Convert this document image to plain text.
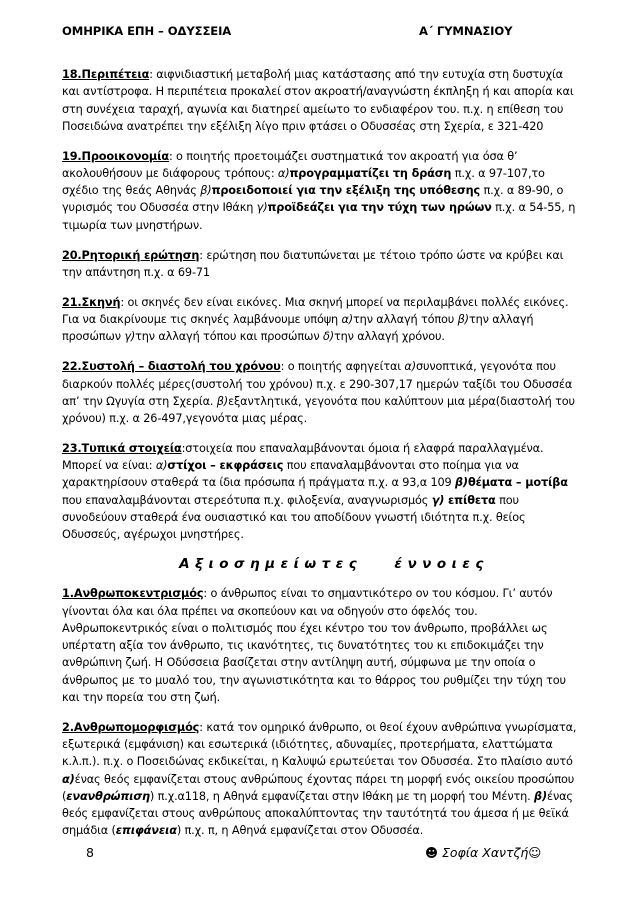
ΟΜΗΡΙΚΑ ΕΠΗ – ΟΔΥΣΣΕΙΑ	Α΄ ΓΥΜΝΑΣΙΟΥ

18.Περιπέτεια: αιφνιδιαστική μεταβολή μιας κατάστασης από την ευτυχία στη δυστυχία και αντίστροφα. Η περιπέτεια προκαλεί στον ακροατή/αναγνώστη έκπληξη ή και απορία και στη συνέχεια ταραχή, αγωνία και διατηρεί αμείωτο το ενδιαφέρον του. π.χ. η επίθεση του Ποσειδώνα ανατρέπει την εξέλιξη λίγο πριν φτάσει ο Οδυσσέας στη Σχερία, ε 321-420

19.Προοικονομία: ο ποιητής προετοιμάζει συστηματικά τον ακροατή για όσα θ’ ακολουθήσουν με διάφορους τρόπους: α)προγραμματίζει τη δράση π.χ. α 97-107,το σχέδιο της θεάς Αθηνάς β)προειδοποιεί για την εξέλιξη της υπόθεσης π.χ. α 89-90, ο γυρισμός του Οδυσσέα στην Ιθάκη γ)προϊδεάζει για την τύχη των ηρώων π.χ. α 54-55, η τιμωρία των μνηστήρων.

20.Ρητορική ερώτηση: ερώτηση που διατυπώνεται με τέτοιο τρόπο ώστε να κρύβει και την απάντηση π.χ. α 69-71

21.Σκηνή: οι σκηνές δεν είναι εικόνες. Μια σκηνή μπορεί να περιλαμβάνει πολλές εικόνες. Για να διακρίνουμε τις σκηνές λαμβάνουμε υπόψη α)την αλλαγή τόπου β)την αλλαγή προσώπων γ)την αλλαγή τόπου και προσώπων δ)την αλλαγή χρόνου.

22.Συστολή – διαστολή του χρόνου: ο ποιητής αφηγείται α)συνοπτικά, γεγονότα που διαρκούν πολλές μέρες(συστολή του χρόνου) π.χ. ε 290-307,17 ημερών ταξίδι του Οδυσσέα απ’ την Ωγυγία στη Σχερία. β)εξαντλητικά, γεγονότα που καλύπτουν μια μέρα(διαστολή του χρόνου) π.χ. α 26-497,γεγονότα μιας μέρας.

23.Τυπικά στοιχεία:στοιχεία που επαναλαμβάνονται όμοια ή ελαφρά παραλλαγμένα. Μπορεί να είναι: α)στίχοι – εκφράσεις που επαναλαμβάνονται στο ποίημα για να χαρακτηρίσουν σταθερά τα ίδια πρόσωπα ή πράγματα π.χ. α 93,α 109 β)θέματα – μοτίβα που επαναλαμβάνονται στερεότυπα π.χ. φιλοξενία, αναγνωρισμός γ) επίθετα που συνοδεύουν σταθερά ένα ουσιαστικό και του αποδίδουν γνωστή ιδιότητα π.χ. θείος Οδυσσεύς, αγέρωχοι μνηστήρες.

Αξιοσημείωτες έννοιες

1.Ανθρωποκεντρισμός: ο άνθρωπος είναι το σημαντικότερο ον του κόσμου. Γι’ αυτόν γίνονται όλα και όλα πρέπει να σκοπεύουν και να οδηγούν στο όφελός του. Ανθρωποκεντρικός είναι ο πολιτισμός που έχει κέντρο του τον άνθρωπο, προβάλλει ως υπέρτατη αξία τον άνθρωπο, τις ικανότητες, τις δυνατότητες του κι επιδοκιμάζει την ανθρώπινη ζωή. Η Οδύσσεια βασίζεται στην αντίληψη αυτή, σύμφωνα με την οποία ο άνθρωπος με το μυαλό του, την αγωνιστικότητα και το θάρρος του ρυθμίζει την τύχη του και την πορεία του στη ζωή.

2.Ανθρωπομορφισμός: κατά τον ομηρικό άνθρωπο, οι θεοί έχουν ανθρώπινα γνωρίσματα, εξωτερικά (εμφάνιση) και εσωτερικά (ιδιότητες, αδυναμίες, προτερήματα, ελαττώματα κ.λ.π.). π.χ. ο Ποσειδώνας εκδικείται, η Καλυψώ ερωτεύεται τον Οδυσσέα. Στο πλαίσιο αυτό α)ένας θεός εμφανίζεται στους ανθρώπους έχοντας πάρει τη μορφή ενός οικείου προσώπου (ενανθρώπιση) π.χ.α118, η Αθηνά εμφανίζεται στην Ιθάκη με τη μορφή του Μέντη. β)ένας θεός εμφανίζεται στους ανθρώπους αποκαλύπτοντας την ταυτότητά του άμεσα ή με θεϊκά σημάδια (επιφάνεια) π.χ. π, η Αθηνά εμφανίζεται στον Οδυσσέα.

8	☻ Σοφία Χαντζή☺
